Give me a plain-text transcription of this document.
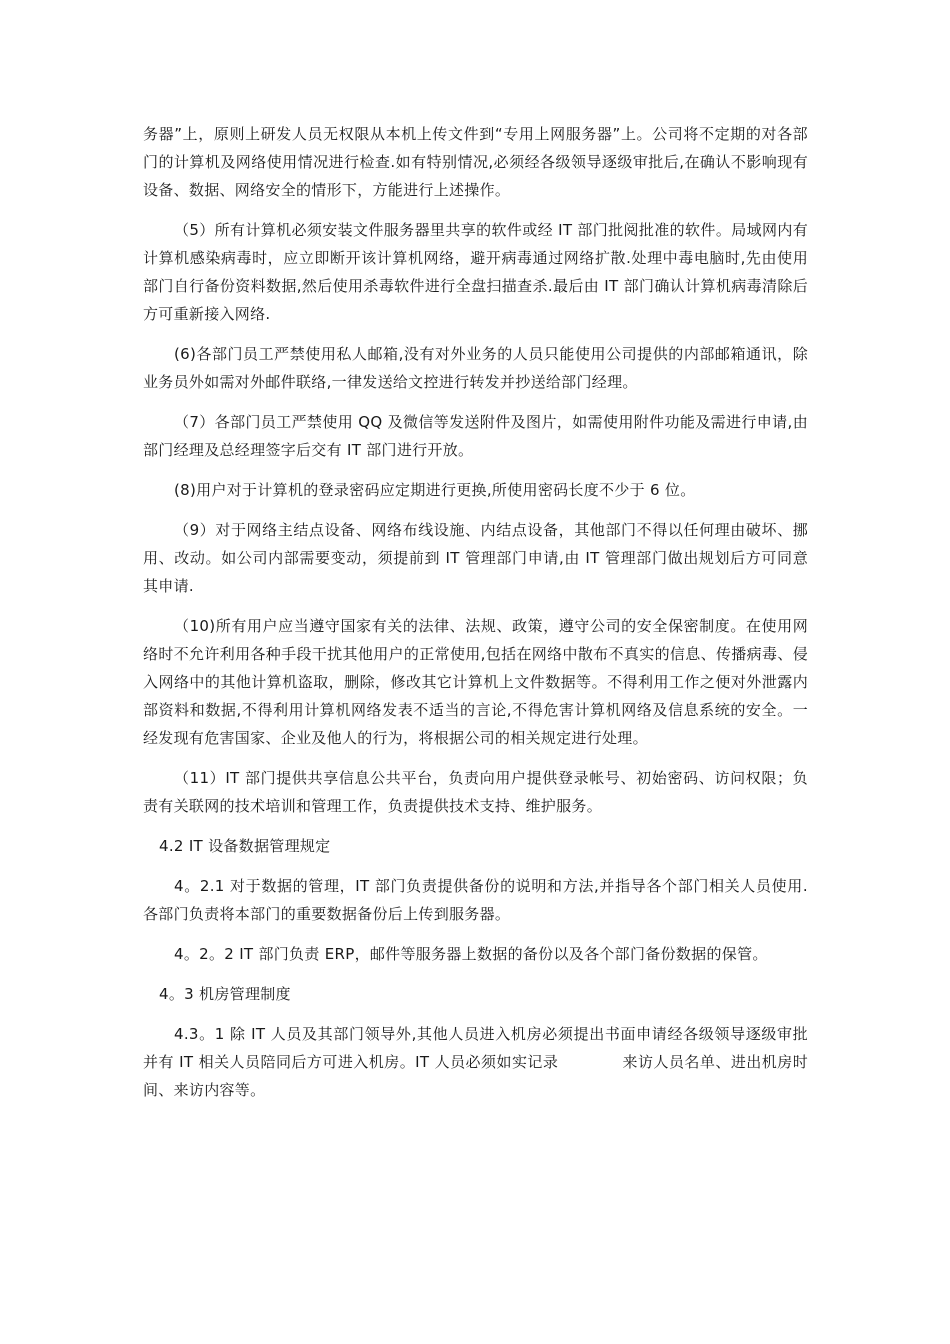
务器”上，原则上研发人员无权限从本机上传文件到“专用上网服务器”上。公司将不定期的对各部门的计算机及网络使用情况进行检查.如有特别情况,必须经各级领导逐级审批后,在确认不影响现有设备、数据、网络安全的情形下，方能进行上述操作。

（5）所有计算机必须安装文件服务器里共享的软件或经 IT 部门批阅批准的软件。局域网内有计算机感染病毒时，应立即断开该计算机网络，避开病毒通过网络扩散.处理中毒电脑时,先由使用部门自行备份资料数据,然后使用杀毒软件进行全盘扫描查杀.最后由 IT 部门确认计算机病毒清除后方可重新接入网络.

(6)各部门员工严禁使用私人邮箱,没有对外业务的人员只能使用公司提供的内部邮箱通讯，除业务员外如需对外邮件联络,一律发送给文控进行转发并抄送给部门经理。

（7）各部门员工严禁使用 QQ 及微信等发送附件及图片，如需使用附件功能及需进行申请,由部门经理及总经理签字后交有 IT 部门进行开放。

(8)用户对于计算机的登录密码应定期进行更换,所使用密码长度不少于 6 位。

（9）对于网络主结点设备、网络布线设施、内结点设备，其他部门不得以任何理由破坏、挪用、改动。如公司内部需要变动，须提前到 IT 管理部门申请,由 IT 管理部门做出规划后方可同意其申请.

（10)所有用户应当遵守国家有关的法律、法规、政策，遵守公司的安全保密制度。在使用网络时不允许利用各种手段干扰其他用户的正常使用,包括在网络中散布不真实的信息、传播病毒、侵入网络中的其他计算机盗取，删除，修改其它计算机上文件数据等。不得利用工作之便对外泄露内部资料和数据,不得利用计算机网络发表不适当的言论,不得危害计算机网络及信息系统的安全。一经发现有危害国家、企业及他人的行为，将根据公司的相关规定进行处理。

（11）IT 部门提供共享信息公共平台，负责向用户提供登录帐号、初始密码、访问权限；负责有关联网的技术培训和管理工作，负责提供技术支持、维护服务。

4.2 IT 设备数据管理规定

4。2.1 对于数据的管理，IT 部门负责提供备份的说明和方法,并指导各个部门相关人员使用.各部门负责将本部门的重要数据备份后上传到服务器。

4。2。2 IT 部门负责 ERP，邮件等服务器上数据的备份以及各个部门备份数据的保管。

4。3 机房管理制度

4.3。1 除 IT 人员及其部门领导外,其他人员进入机房必须提出书面申请经各级领导逐级审批并有 IT 相关人员陪同后方可进入机房。IT 人员必须如实记录	来访人员名单、进出机房时间、来访内容等。
